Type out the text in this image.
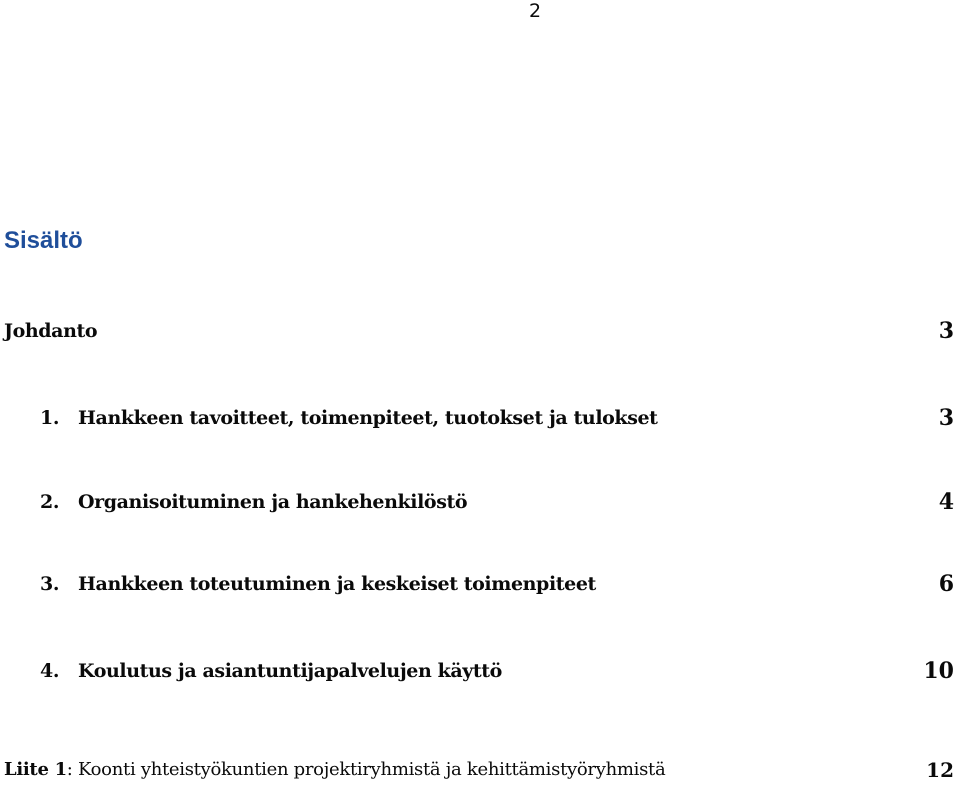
2
Sisältö
Johdanto	3
1. Hankkeen tavoitteet, toimenpiteet, tuotokset ja tulokset	3
2. Organisoituminen ja hankehenkilöstö	4
3. Hankkeen toteutuminen ja keskeiset toimenpiteet	6
4. Koulutus ja asiantuntijapalvelujen käyttö	10
Liite 1: Koonti yhteistyökuntien projektiryhmistä ja kehittämistyöryhmistä	12
